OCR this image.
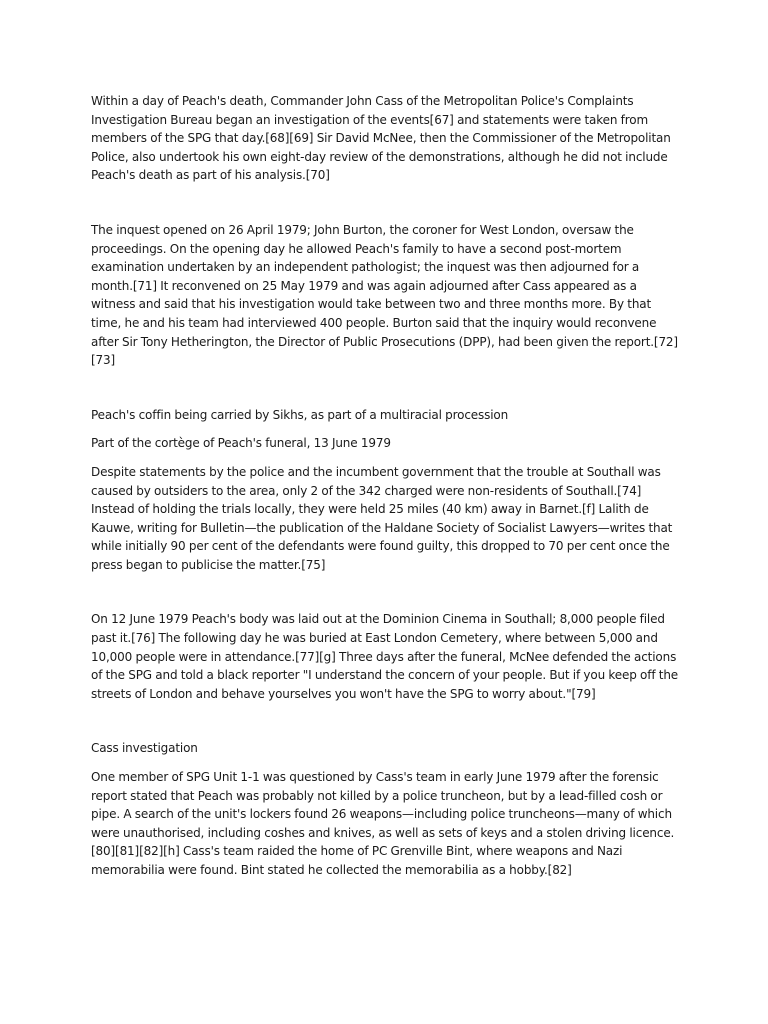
Within a day of Peach's death, Commander John Cass of the Metropolitan Police's Complaints Investigation Bureau began an investigation of the events[67] and statements were taken from members of the SPG that day.[68][69] Sir David McNee, then the Commissioner of the Metropolitan Police, also undertook his own eight-day review of the demonstrations, although he did not include Peach's death as part of his analysis.[70]

The inquest opened on 26 April 1979; John Burton, the coroner for West London, oversaw the proceedings. On the opening day he allowed Peach's family to have a second post-mortem examination undertaken by an independent pathologist; the inquest was then adjourned for a month.[71] It reconvened on 25 May 1979 and was again adjourned after Cass appeared as a witness and said that his investigation would take between two and three months more. By that time, he and his team had interviewed 400 people. Burton said that the inquiry would reconvene after Sir Tony Hetherington, the Director of Public Prosecutions (DPP), had been given the report.[72][73]

Peach's coffin being carried by Sikhs, as part of a multiracial procession

Part of the cortège of Peach's funeral, 13 June 1979

Despite statements by the police and the incumbent government that the trouble at Southall was caused by outsiders to the area, only 2 of the 342 charged were non-residents of Southall.[74] Instead of holding the trials locally, they were held 25 miles (40 km) away in Barnet.[f] Lalith de Kauwe, writing for Bulletin—the publication of the Haldane Society of Socialist Lawyers—writes that while initially 90 per cent of the defendants were found guilty, this dropped to 70 per cent once the press began to publicise the matter.[75]

On 12 June 1979 Peach's body was laid out at the Dominion Cinema in Southall; 8,000 people filed past it.[76] The following day he was buried at East London Cemetery, where between 5,000 and 10,000 people were in attendance.[77][g] Three days after the funeral, McNee defended the actions of the SPG and told a black reporter "I understand the concern of your people. But if you keep off the streets of London and behave yourselves you won't have the SPG to worry about."[79]

Cass investigation

One member of SPG Unit 1-1 was questioned by Cass's team in early June 1979 after the forensic report stated that Peach was probably not killed by a police truncheon, but by a lead-filled cosh or pipe. A search of the unit's lockers found 26 weapons—including police truncheons—many of which were unauthorised, including coshes and knives, as well as sets of keys and a stolen driving licence.[80][81][82][h] Cass's team raided the home of PC Grenville Bint, where weapons and Nazi memorabilia were found. Bint stated he collected the memorabilia as a hobby.[82]
